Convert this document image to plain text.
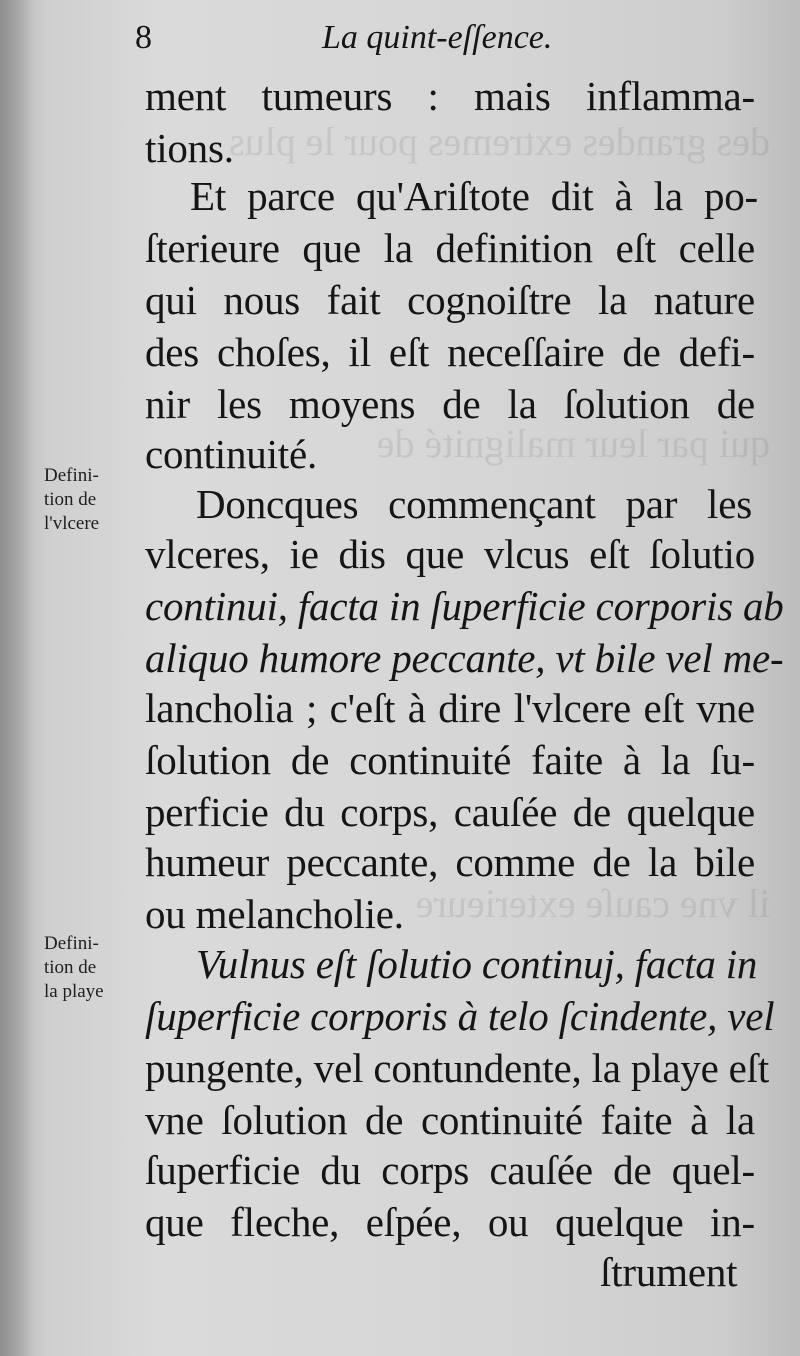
des grandes extremes pour le plus
qui par leur malignité de
il vne cauſe exterieure
8	La quint-eſſence.
Defini-
tion de
l'vlcere
Defini-
tion de
la playe
ment tumeurs : mais inflamma-
tions.
Et parce qu'Ariſtote dit à la po-
ſterieure que la definition eſt celle
qui nous fait cognoiſtre la nature
des choſes, il eſt neceſſaire de defi-
nir les moyens de la ſolution de
continuité.
Doncques commençant par les
vlceres, ie dis que vlcus eſt ſolutio
continui, facta in ſuperficie corporis ab
aliquo humore peccante, vt bile vel me-
lancholia ; c'eſt à dire l'vlcere eſt vne
ſolution de continuité faite à la ſu-
perficie du corps, cauſée de quelque
humeur peccante, comme de la bile
ou melancholie.
Vulnus eſt ſolutio continuj, facta in
ſuperficie corporis à telo ſcindente, vel
pungente, vel contundente, la playe eſt
vne ſolution de continuité faite à la
ſuperficie du corps cauſée de quel-
que fleche, eſpée, ou quelque in-
ſtrument
